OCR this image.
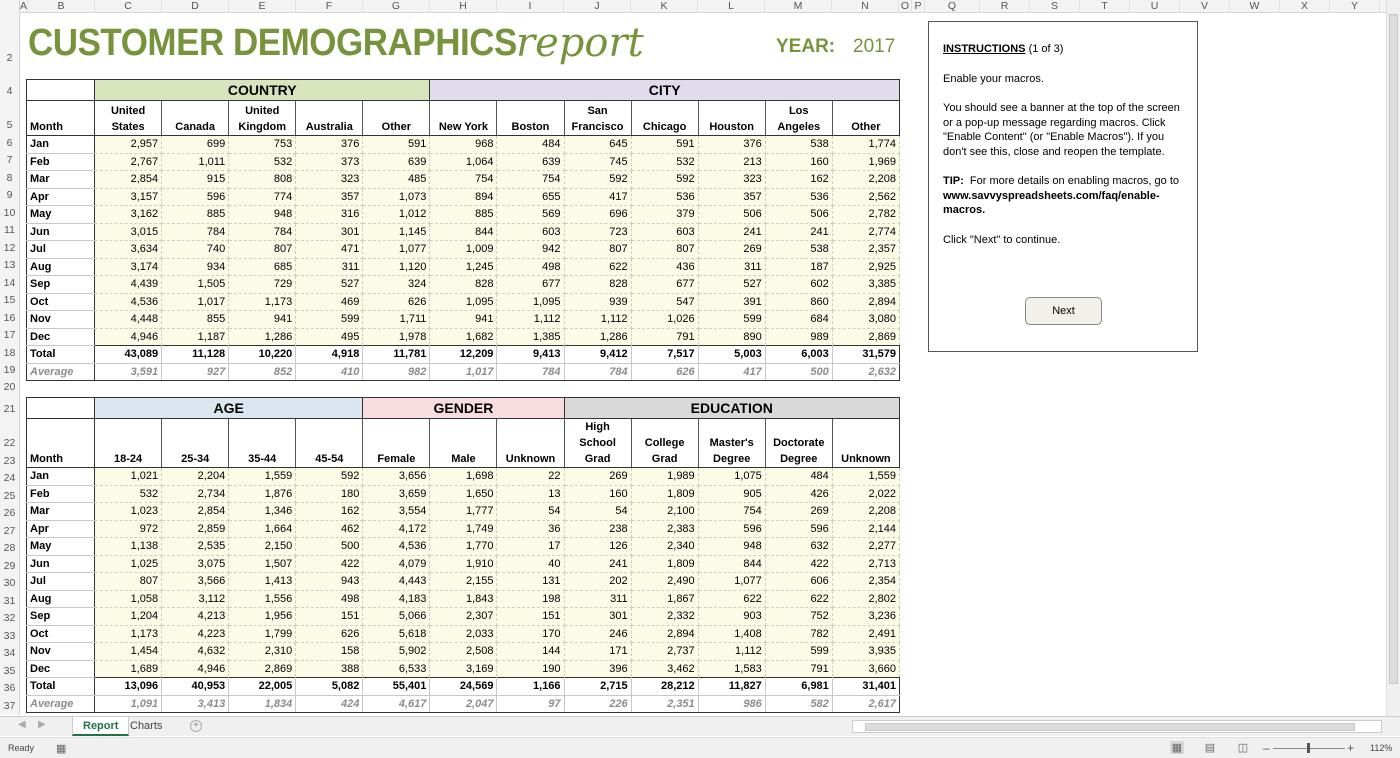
A	B	C	D	E	F	G	H	I	J	K	L	M	N	O P	Q	R	S	T	U	V	W	X	Y
2
4
5
6
7
8
9
10
11
12
13
14
15
16
17
18
19
20
21
22
23
24
25
26
27
28
29
30
31
32
33
34
35
36
37
CUSTOMER DEMOGRAPHICS report	YEAR: 2017
	COUNTRY					CITY						
Month	United States	Canada	United Kingdom	Australia	Other	New York	Boston	San Francisco	Chicago	Houston	Los Angeles	Other
Jan	2,957	699	753	376	591	968	484	645	591	376	538	1,774
Feb	2,767	1,011	532	373	639	1,064	639	745	532	213	160	1,969
Mar	2,854	915	808	323	485	754	754	592	592	323	162	2,208
Apr	3,157	596	774	357	1,073	894	655	417	536	357	536	2,562
May	3,162	885	948	316	1,012	885	569	696	379	506	506	2,782
Jun	3,015	784	784	301	1,145	844	603	723	603	241	241	2,774
Jul	3,634	740	807	471	1,077	1,009	942	807	807	269	538	2,357
Aug	3,174	934	685	311	1,120	1,245	498	622	436	311	187	2,925
Sep	4,439	1,505	729	527	324	828	677	828	677	527	602	3,385
Oct	4,536	1,017	1,173	469	626	1,095	1,095	939	547	391	860	2,894
Nov	4,448	855	941	599	1,711	941	1,112	1,112	1,026	599	684	3,080
Dec	4,946	1,187	1,286	495	1,978	1,682	1,385	1,286	791	890	989	2,869
Total	43,089	11,128	10,220	4,918	11,781	12,209	9,413	9,412	7,517	5,003	6,003	31,579
Average	3,591	927	852	410	982	1,017	784	784	626	417	500	2,632
	AGE				GENDER			EDUCATION				
Month	18-24	25-34	35-44	45-54	Female	Male	Unknown	High School Grad	College Grad	Master's Degree	Doctorate Degree	Unknown
Jan	1,021	2,204	1,559	592	3,656	1,698	22	269	1,989	1,075	484	1,559
Feb	532	2,734	1,876	180	3,659	1,650	13	160	1,809	905	426	2,022
Mar	1,023	2,854	1,346	162	3,554	1,777	54	54	2,100	754	269	2,208
Apr	972	2,859	1,664	462	4,172	1,749	36	238	2,383	596	596	2,144
May	1,138	2,535	2,150	500	4,536	1,770	17	126	2,340	948	632	2,277
Jun	1,025	3,075	1,507	422	4,079	1,910	40	241	1,809	844	422	2,713
Jul	807	3,566	1,413	943	4,443	2,155	131	202	2,490	1,077	606	2,354
Aug	1,058	3,112	1,556	498	4,183	1,843	198	311	1,867	622	622	2,802
Sep	1,204	4,213	1,956	151	5,066	2,307	151	301	2,332	903	752	3,236
Oct	1,173	4,223	1,799	626	5,618	2,033	170	246	2,894	1,408	782	2,491
Nov	1,454	4,632	2,310	158	5,902	2,508	144	171	2,737	1,112	599	3,935
Dec	1,689	4,946	2,869	388	6,533	3,169	190	396	3,462	1,583	791	3,660
Total	13,096	40,953	22,005	5,082	55,401	24,569	1,166	2,715	28,212	11,827	6,981	31,401
Average	1,091	3,413	1,834	424	4,617	2,047	97	226	2,351	986	582	2,617
INSTRUCTIONS (1 of 3)

Enable your macros.

You should see a banner at the top of the screen or a pop-up message regarding macros. Click "Enable Content" (or "Enable Macros"). If you don't see this, close and reopen the template.

TIP: For more details on enabling macros, go to www.savvyspreadsheets.com/faq/enable-macros.

Click "Next" to continue.

Next
◀ ▶	Report	Charts	+
Ready ▦	▦ ▤ ◫ –	+ 112%
